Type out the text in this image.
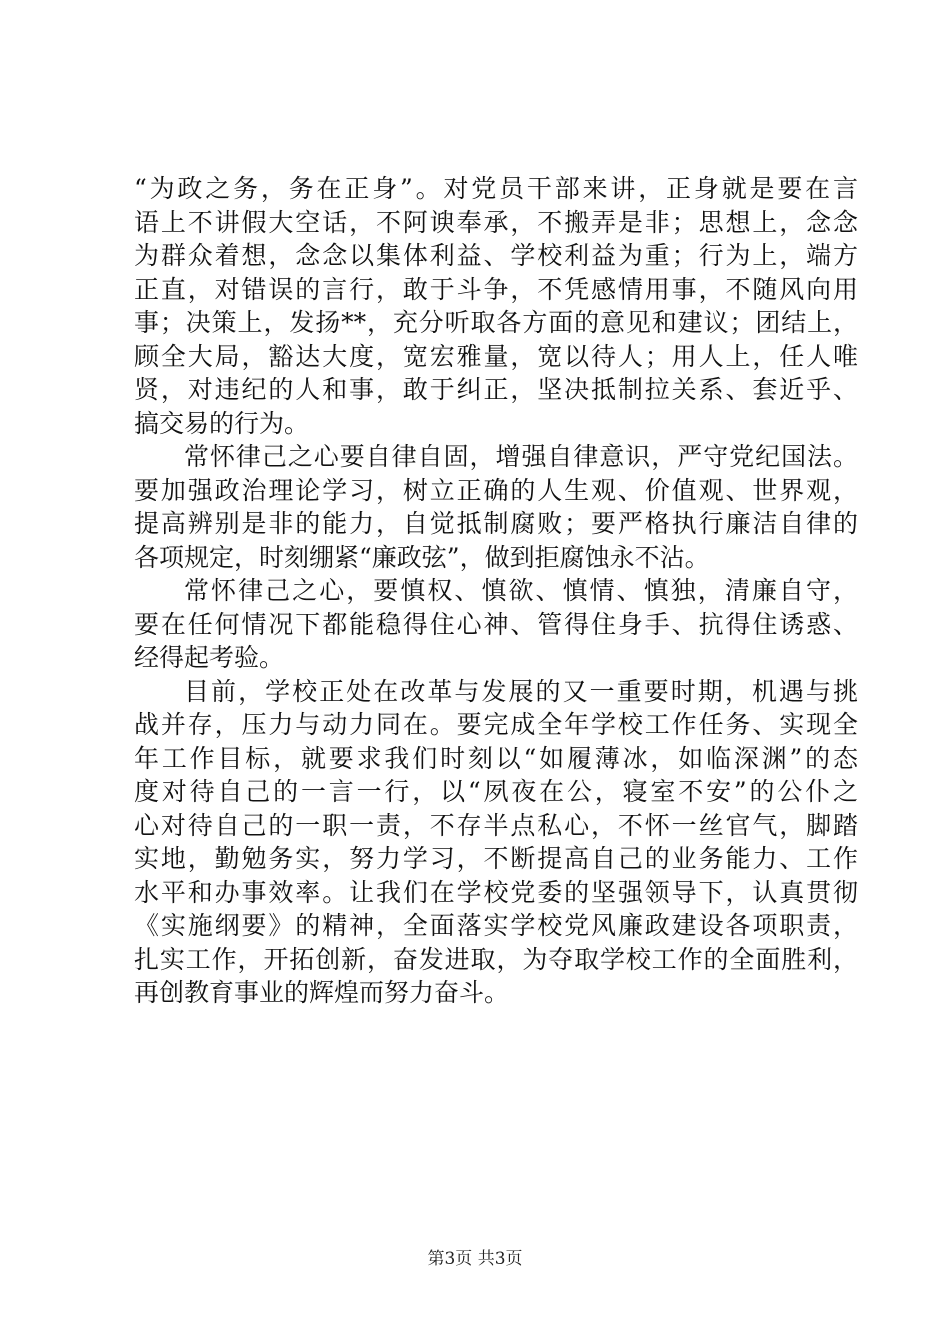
“为政之务，务在正身”。对党员干部来讲，正身就是要在言
语上不讲假大空话，不阿谀奉承，不搬弄是非；思想上，念念
为群众着想，念念以集体利益、学校利益为重；行为上，端方
正直，对错误的言行，敢于斗争，不凭感情用事，不随风向用
事；决策上，发扬**，充分听取各方面的意见和建议；团结上，
顾全大局，豁达大度，宽宏雅量，宽以待人；用人上，任人唯
贤，对违纪的人和事，敢于纠正，坚决抵制拉关系、套近乎、
搞交易的行为。
常怀律己之心要自律自固，增强自律意识，严守党纪国法。
要加强政治理论学习，树立正确的人生观、价值观、世界观，
提高辨别是非的能力，自觉抵制腐败；要严格执行廉洁自律的
各项规定，时刻绷紧“廉政弦”，做到拒腐蚀永不沾。
常怀律己之心，要慎权、慎欲、慎情、慎独，清廉自守，
要在任何情况下都能稳得住心神、管得住身手、抗得住诱惑、
经得起考验。
目前，学校正处在改革与发展的又一重要时期，机遇与挑
战并存，压力与动力同在。要完成全年学校工作任务、实现全
年工作目标，就要求我们时刻以“如履薄冰，如临深渊”的态
度对待自己的一言一行，以“夙夜在公，寝室不安”的公仆之
心对待自己的一职一责，不存半点私心，不怀一丝官气，脚踏
实地，勤勉务实，努力学习，不断提高自己的业务能力、工作
水平和办事效率。让我们在学校党委的坚强领导下，认真贯彻
《实施纲要》的精神，全面落实学校党风廉政建设各项职责，
扎实工作，开拓创新，奋发进取，为夺取学校工作的全面胜利，
再创教育事业的辉煌而努力奋斗。
第3页 共3页
